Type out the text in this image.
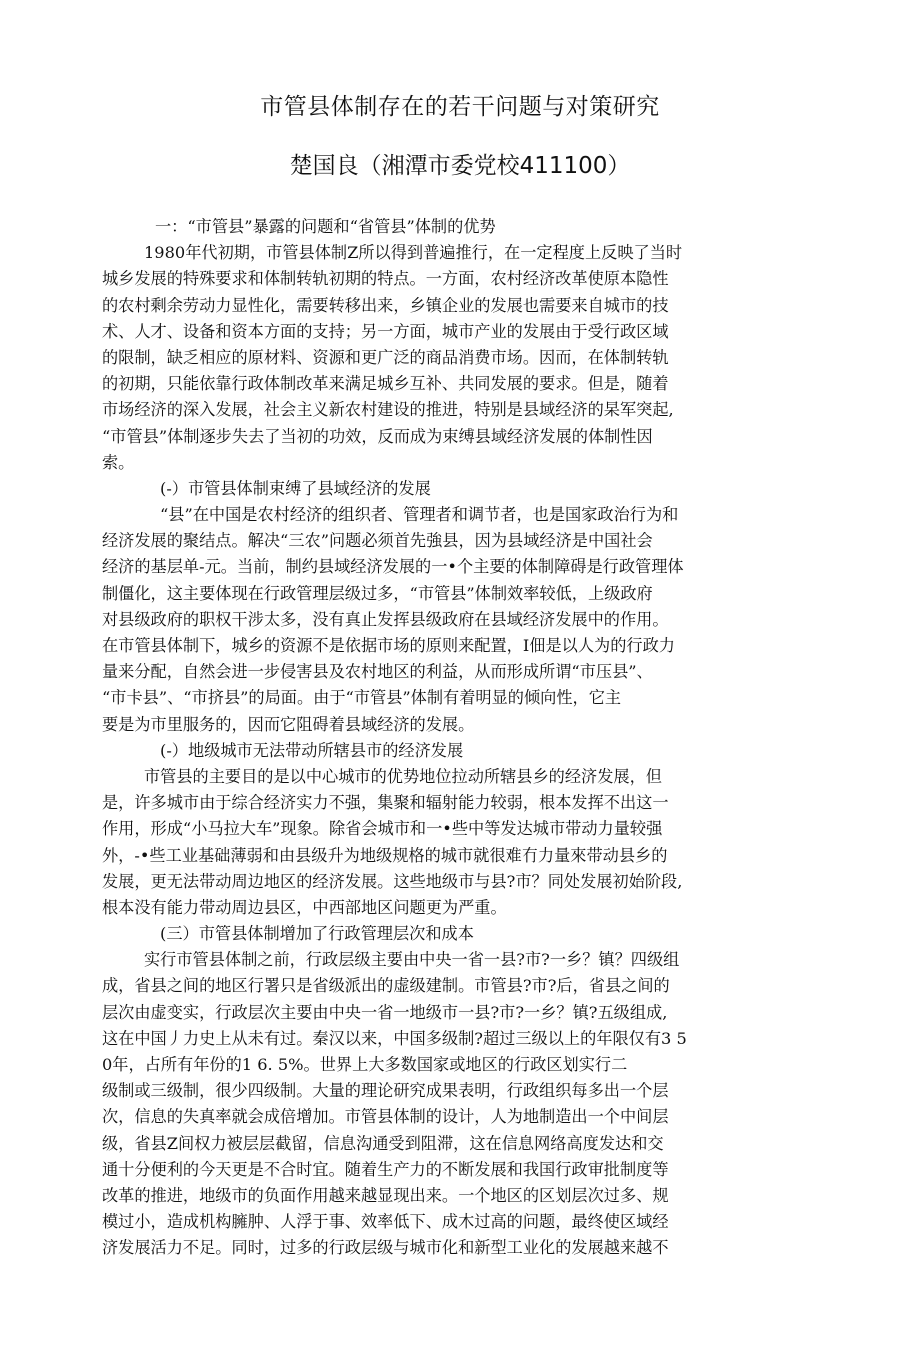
市管县体制存在的若干问题与对策研究
楚国良（湘潭市委党校411100）
一：“市管县”暴露的问题和“省管县”体制的优势
1980年代初期，市管县体制Z所以得到普遍推行，在一定程度上反映了当时
城乡发展的特殊要求和体制转轨初期的特点。一方面，农村经济改革使原本隐性
的农村剩余劳动力显性化，需要转移出来，乡镇企业的发展也需要来自城市的技
术、人才、设备和资本方面的支持；另一方面，城市产业的发展由于受行政区域
的限制，缺乏相应的原材料、资源和更广泛的商品消费市场。因而，在体制转轨
的初期，只能依靠行政体制改革来满足城乡互补、共同发展的要求。但是，随着
市场经济的深入发展，社会主义新农村建设的推进，特别是县域经济的杲军突起,
“市管县”体制逐步失去了当初的功效，反而成为束缚县域经济发展的体制性因
索。
(-）市管县体制束缚了县域经济的发展
“县”在中国是农村经济的组织者、管理者和调节者，也是国家政治行为和
经济发展的聚结点。解决“三农”问题必须首先強县，因为县域经济是中国社会
经济的基层单-元。当前，制约县域经济发展的一•个主要的体制障碍是行政管理体
制僵化，这主要体现在行政管理层级过多，“市管县”体制效率较低，上级政府
对县级政府的职权干涉太多，没有真止发挥县级政府在县域经济发展中的作用。
在市管县体制下，城乡的资源不是依据市场的原则来配置，I佃是以人为的行政力
量来分配，自然会进一步侵害县及农村地区的利益，从而形成所谓“市压县”、
“市卡县”、“市挤县”的局面。由于“市管县”体制有着明显的倾向性，它主
要是为市里服务的，因而它阻碍着县域经济的发展。
(-）地级城市无法带动所辖县市的经济发展
市管县的主要目的是以中心城市的优势地位拉动所辖县乡的经济发展，但
是，许多城市由于综合经济实力不强，集聚和辐射能力较弱，根本发挥不出这一
作用，形成“小马拉大车”现象。除省会城市和一•些中等发达城市带动力量较强
外，-•些工业基础薄弱和由县级升为地级规格的城市就很难冇力量來带动县乡的
发展，更无法带动周边地区的经济发展。这些地级市与县?市？同处发展初始阶段,
根本没有能力带动周边县区，中西部地区问题更为严重。
(三）市管县体制增加了行政管理层次和成本
实行市管县体制之前，行政层级主要由中央一省一县?市?一乡？镇？四级组
成，省县之间的地区行署只是省级派出的虚级建制。市管县?市?后，省县之间的
层次由虚变实，行政层次主要由中央一省一地级市一县?市?一乡？镇?五级组成,
这在中国丿力史上从未有过。秦汉以来，中国多级制?超过三级以上的年限仅有3 5
0年，占所有年份的1 6. 5%。世界上大多数国家或地区的行政区划实行二
级制或三级制，很少四级制。大量的理论研究成果表明，行政组织每多出一个层
次，信息的失真率就会成倍增加。市管县体制的设计，人为地制造出一个中间层
级，省县Z间权力被层层截留，信息沟通受到阻滞，这在信息网络高度发达和交
通十分便利的今天更是不合时宜。随着生产力的不断发展和我国行政审批制度等
改革的推进，地级市的负面作用越来越显现出来。一个地区的区划层次过多、规
模过小，造成机构臃肿、人浮于事、效率低下、成木过高的问题，最终使区域经
济发展活力不足。同时，过多的行政层级与城市化和新型工业化的发展越来越不
